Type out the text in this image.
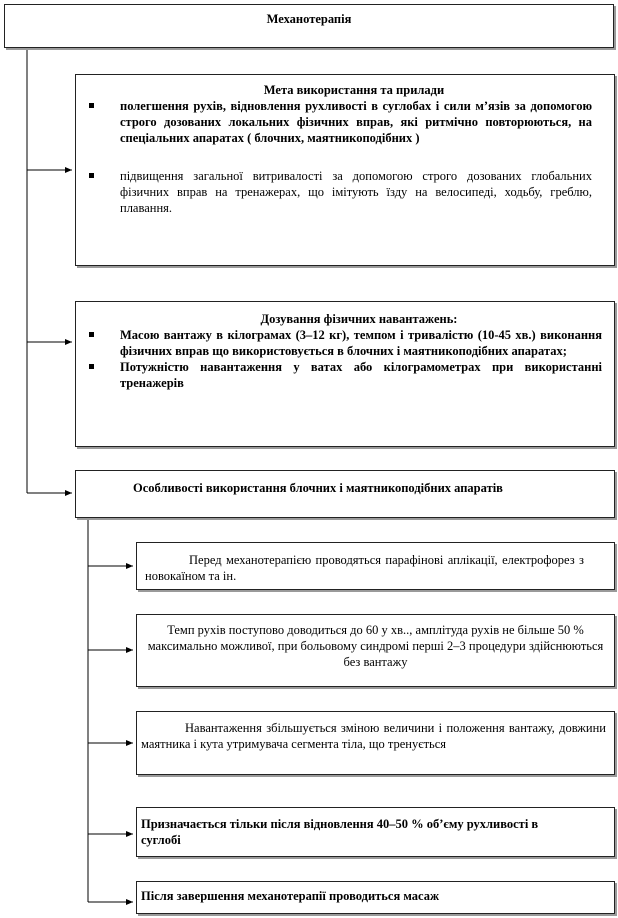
Механотерапія
Мета використання та прилади
полегшення рухів, відновлення рухливості в суглобах і сили м’язів за допомогою строго дозованих локальних фізичних вправ, які ритмічно повторюються, на спеціальних апаратах ( блочних, маятникоподібних )
підвищення загальної витривалості за допомогою строго дозованих глобальних фізичних вправ на тренажерах, що імітують їзду на велосипеді, ходьбу, греблю, плавання.
Дозування фізичних навантажень:
Масою вантажу в кілограмах (3–12 кг), темпом і тривалістю (10-45 хв.) виконання фізичних вправ що використовується в блочних і маятникоподібних апаратах;
Потужністю навантаження у ватах або кілограмометрах при використанні тренажерів
Особливості використання блочних і маятникоподібних апаратів
Перед механотерапією проводяться парафінові аплікації, електрофорез з новокаїном та ін.
Темп рухів поступово доводиться до 60 у хв.., амплітуда рухів не більше 50 % максимально можливої, при больовому синдромі перші 2–3 процедури здійснюються без вантажу
Навантаження збільшується зміною величини і положення вантажу, довжини маятника і кута утримувача сегмента тіла, що тренується
Призначається тільки після відновлення 40–50 % об’єму рухливості в суглобі
Після завершення механотерапії проводиться масаж
